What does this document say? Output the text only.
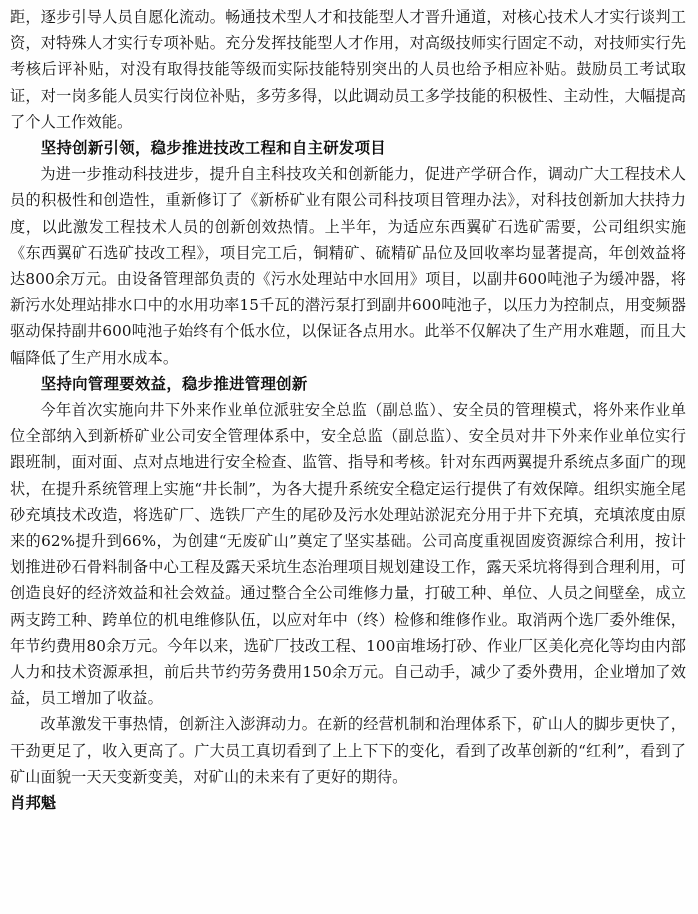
距，逐步引导人员自愿化流动。畅通技术型人才和技能型人才晋升通道，对核心技术人才实行谈判工资，对特殊人才实行专项补贴。充分发挥技能型人才作用，对高级技师实行固定不动，对技师实行先考核后评补贴，对没有取得技能等级而实际技能特别突出的人员也给予相应补贴。鼓励员工考试取证，对一岗多能人员实行岗位补贴，多劳多得，以此调动员工多学技能的积极性、主动性，大幅提高了个人工作效能。

坚持创新引领，稳步推进技改工程和自主研发项目

为进一步推动科技进步，提升自主科技攻关和创新能力，促进产学研合作，调动广大工程技术人员的积极性和创造性，重新修订了《新桥矿业有限公司科技项目管理办法》，对科技创新加大扶持力度，以此激发工程技术人员的创新创效热情。上半年，为适应东西翼矿石选矿需要，公司组织实施《东西翼矿石选矿技改工程》，项目完工后，铜精矿、硫精矿品位及回收率均显著提高，年创效益将达800余万元。由设备管理部负责的《污水处理站中水回用》项目，以副井600吨池子为缓冲器，将新污水处理站排水口中的水用功率15千瓦的潜污泵打到副井600吨池子，以压力为控制点，用变频器驱动保持副井600吨池子始终有个低水位，以保证各点用水。此举不仅解决了生产用水难题，而且大幅降低了生产用水成本。

坚持向管理要效益，稳步推进管理创新

今年首次实施向井下外来作业单位派驻安全总监（副总监）、安全员的管理模式，将外来作业单位全部纳入到新桥矿业公司安全管理体系中，安全总监（副总监）、安全员对井下外来作业单位实行跟班制，面对面、点对点地进行安全检查、监管、指导和考核。针对东西两翼提升系统点多面广的现状，在提升系统管理上实施“井长制”，为各大提升系统安全稳定运行提供了有效保障。组织实施全尾砂充填技术改造，将选矿厂、选铁厂产生的尾砂及污水处理站淤泥充分用于井下充填，充填浓度由原来的62%提升到66%，为创建“无废矿山”奠定了坚实基础。公司高度重视固废资源综合利用，按计划推进砂石骨料制备中心工程及露天采坑生态治理项目规划建设工作，露天采坑将得到合理利用，可创造良好的经济效益和社会效益。通过整合全公司维修力量，打破工种、单位、人员之间壁垒，成立两支跨工种、跨单位的机电维修队伍，以应对年中（终）检修和维修作业。取消两个选厂委外维保，年节约费用80余万元。今年以来，选矿厂技改工程、100亩堆场打砂、作业厂区美化亮化等均由内部人力和技术资源承担，前后共节约劳务费用150余万元。自己动手，减少了委外费用，企业增加了效益，员工增加了收益。

改革激发干事热情，创新注入澎湃动力。在新的经营机制和治理体系下，矿山人的脚步更快了，干劲更足了，收入更高了。广大员工真切看到了上上下下的变化，看到了改革创新的“红利”，看到了矿山面貌一天天变新变美，对矿山的未来有了更好的期待。

肖邦魁
